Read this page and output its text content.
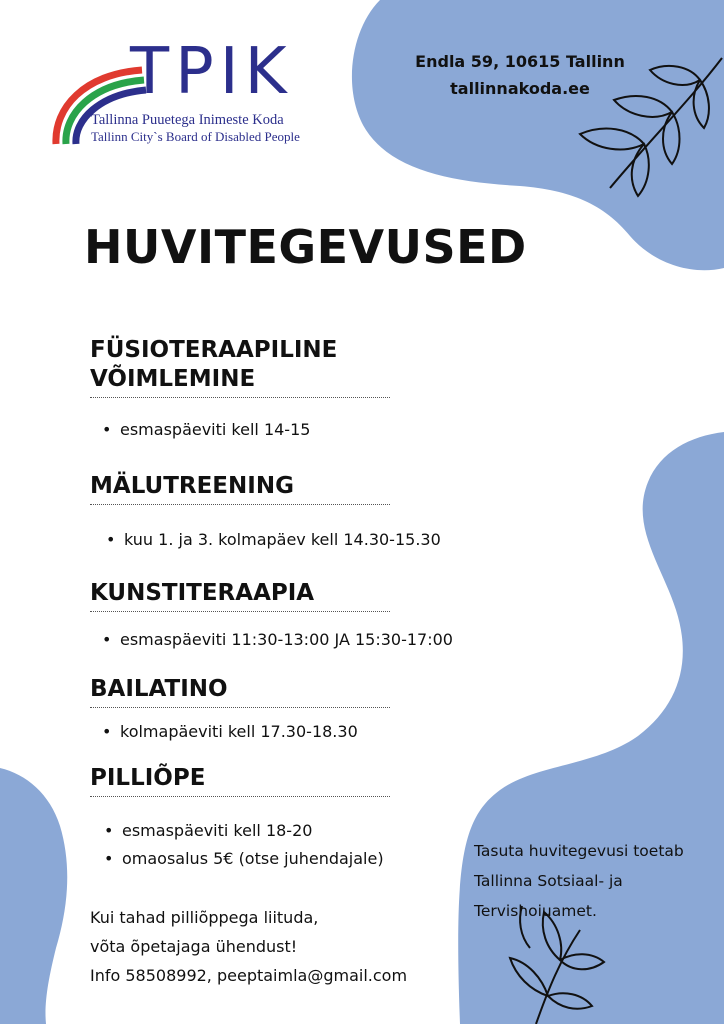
TPIK
Tallinna Puuetega Inimeste Koda
Tallinn City`s Board of Disabled People
Endla 59, 10615 Tallinn
tallinnakoda.ee
HUVITEGEVUSED
FÜSIOTERAAPILINE
VÕIMLEMINE
• esmaspäeviti kell 14-15
MÄLUTREENING
• kuu 1. ja 3. kolmapäev kell 14.30-15.30
KUNSTITERAAPIA
• esmaspäeviti 11:30-13:00 JA 15:30-17:00
BAILATINO
• kolmapäeviti kell 17.30-18.30
PILLIÕPE
• esmaspäeviti kell 18-20
• omaosalus 5€ (otse juhendajale)
Kui tahad pilliõppega liituda,
võta õpetajaga ühendust!
Info 58508992, peeptaimla@gmail.com
Tasuta huvitegevusi toetab
Tallinna Sotsiaal- ja
Tervishoiuamet.
